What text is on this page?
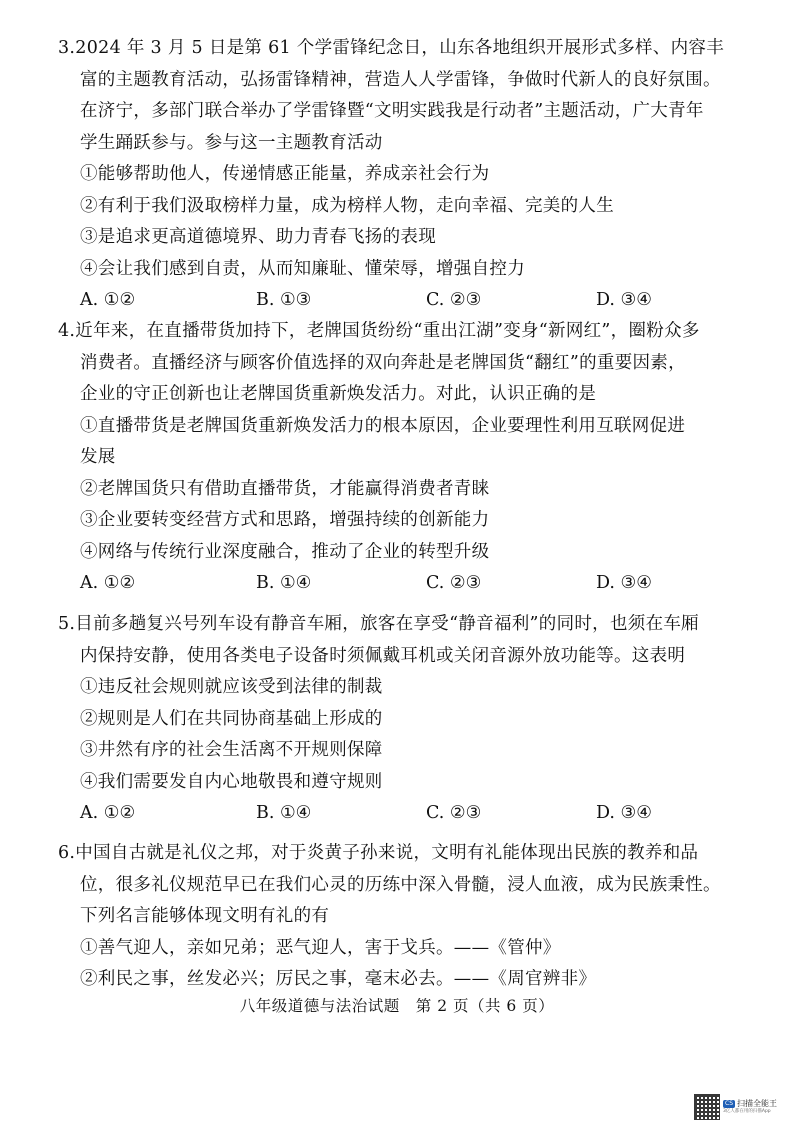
3.2024 年 3 月 5 日是第 61 个学雷锋纪念日，山东各地组织开展形式多样、内容丰
富的主题教育活动，弘扬雷锋精神，营造人人学雷锋，争做时代新人的良好氛围。
在济宁，多部门联合举办了学雷锋暨“文明实践我是行动者”主题活动，广大青年
学生踊跃参与。参与这一主题教育活动
①能够帮助他人，传递情感正能量，养成亲社会行为
②有利于我们汲取榜样力量，成为榜样人物，走向幸福、完美的人生
③是追求更高道德境界、助力青春飞扬的表现
④会让我们感到自责，从而知廉耻、懂荣辱，增强自控力
A. ①②	B. ①③	C. ②③	D. ③④
4.近年来，在直播带货加持下，老牌国货纷纷“重出江湖”变身“新网红”，圈粉众多
消费者。直播经济与顾客价值选择的双向奔赴是老牌国货“翻红”的重要因素，
企业的守正创新也让老牌国货重新焕发活力。对此，认识正确的是
①直播带货是老牌国货重新焕发活力的根本原因，企业要理性利用互联网促进
发展
②老牌国货只有借助直播带货，才能赢得消费者青睐
③企业要转变经营方式和思路，增强持续的创新能力
④网络与传统行业深度融合，推动了企业的转型升级
A. ①②	B. ①④	C. ②③	D. ③④
5.目前多趟复兴号列车设有静音车厢，旅客在享受“静音福利”的同时，也须在车厢
内保持安静，使用各类电子设备时须佩戴耳机或关闭音源外放功能等。这表明
①违反社会规则就应该受到法律的制裁
②规则是人们在共同协商基础上形成的
③井然有序的社会生活离不开规则保障
④我们需要发自内心地敬畏和遵守规则
A. ①②	B. ①④	C. ②③	D. ③④
6.中国自古就是礼仪之邦，对于炎黄子孙来说，文明有礼能体现出民族的教养和品
位，很多礼仪规范早已在我们心灵的历练中深入骨髓，浸人血液，成为民族秉性。
下列名言能够体现文明有礼的有
①善气迎人，亲如兄弟；恶气迎人，害于戈兵。——《管仲》
②利民之事，丝发必兴；厉民之事，毫末必去。——《周官辨非》
八年级道德与法治试题　第 2 页（共 6 页）
CS 扫描全能王
3亿人都在用的扫描App
